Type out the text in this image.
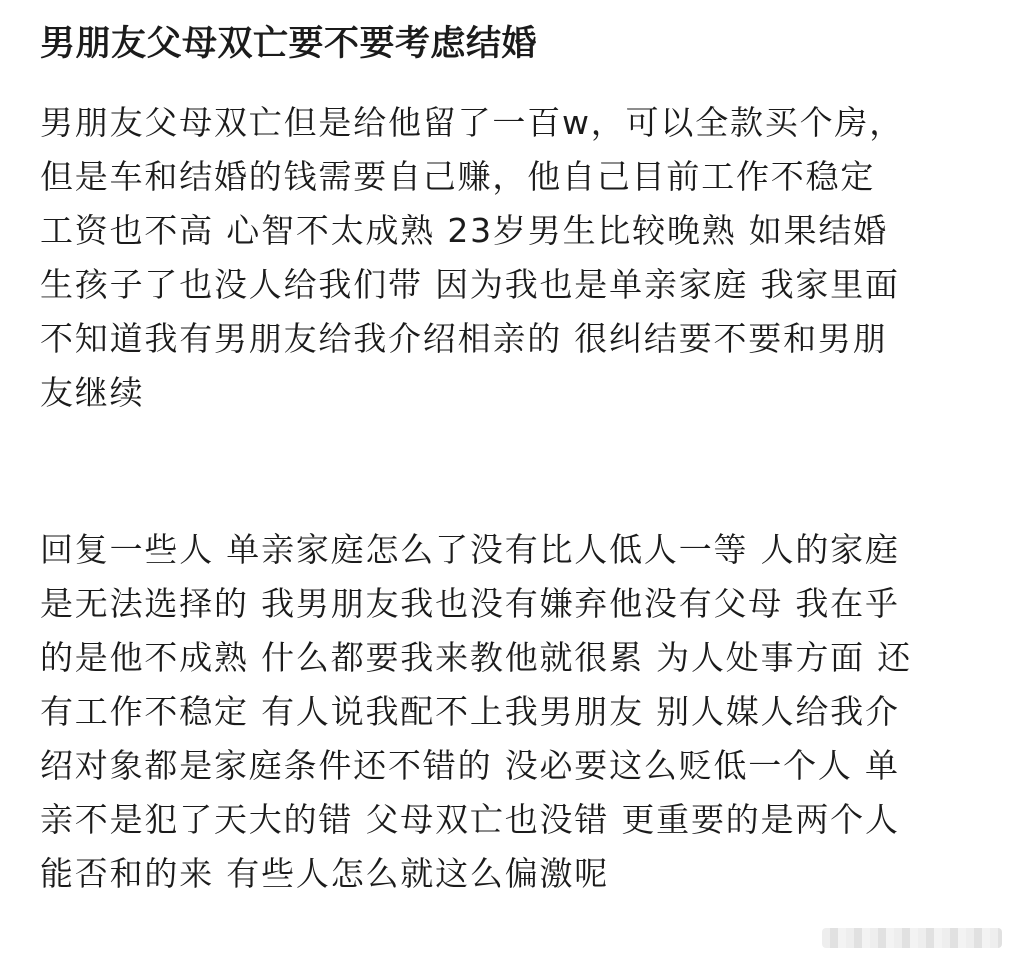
男朋友父母双亡要不要考虑结婚
男朋友父母双亡但是给他留了一百w，可以全款买个房，
但是车和结婚的钱需要自己赚，他自己目前工作不稳定
工资也不高 心智不太成熟 23岁男生比较晚熟 如果结婚
生孩子了也没人给我们带 因为我也是单亲家庭 我家里面
不知道我有男朋友给我介绍相亲的 很纠结要不要和男朋
友继续
回复一些人 单亲家庭怎么了没有比人低人一等 人的家庭
是无法选择的 我男朋友我也没有嫌弃他没有父母 我在乎
的是他不成熟 什么都要我来教他就很累 为人处事方面 还
有工作不稳定 有人说我配不上我男朋友 别人媒人给我介
绍对象都是家庭条件还不错的 没必要这么贬低一个人 单
亲不是犯了天大的错 父母双亡也没错 更重要的是两个人
能否和的来 有些人怎么就这么偏激呢
